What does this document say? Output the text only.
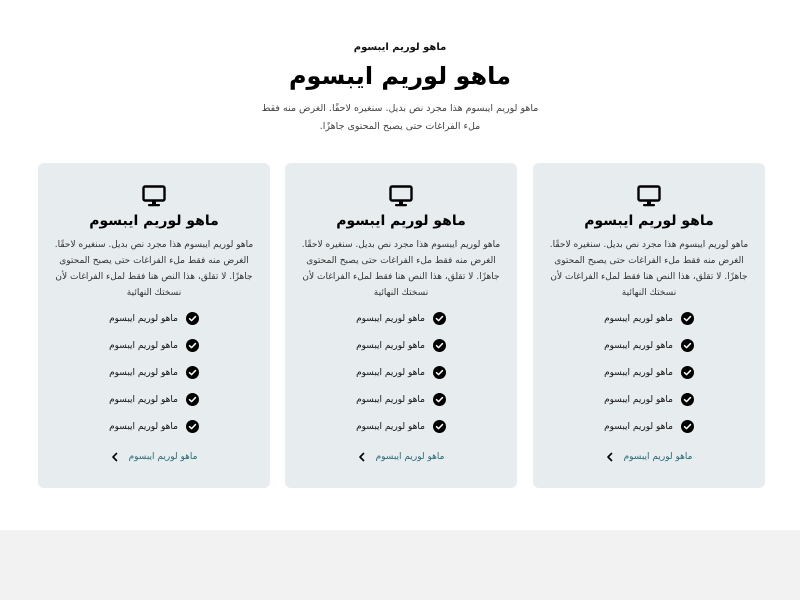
ماهو لوريم ايبسوم
ماهو لوريم ايبسوم
ماهو لوريم ايبسوم هذا مجرد نص بديل. سنغيره لاحقًا. الغرض منه فقط ملء الفراغات حتى يصبح المحتوى جاهزًا.
ماهو لوريم ايبسوم
ماهو لوريم ايبسوم هذا مجرد نص بديل. سنغيره لاحقًا. الغرض منه فقط ملء الفراغات حتى يصبح المحتوى جاهزًا. لا تقلق، هذا النص هنا فقط لملء الفراغات لأن نسختك النهائية
ماهو لوريم ايبسوم
ماهو لوريم ايبسوم
ماهو لوريم ايبسوم
ماهو لوريم ايبسوم
ماهو لوريم ايبسوم
ماهو لوريم ايبسوم
ماهو لوريم ايبسوم
ماهو لوريم ايبسوم هذا مجرد نص بديل. سنغيره لاحقًا. الغرض منه فقط ملء الفراغات حتى يصبح المحتوى جاهزًا. لا تقلق، هذا النص هنا فقط لملء الفراغات لأن نسختك النهائية
ماهو لوريم ايبسوم
ماهو لوريم ايبسوم
ماهو لوريم ايبسوم
ماهو لوريم ايبسوم
ماهو لوريم ايبسوم
ماهو لوريم ايبسوم
ماهو لوريم ايبسوم
ماهو لوريم ايبسوم هذا مجرد نص بديل. سنغيره لاحقًا. الغرض منه فقط ملء الفراغات حتى يصبح المحتوى جاهزًا. لا تقلق، هذا النص هنا فقط لملء الفراغات لأن نسختك النهائية
ماهو لوريم ايبسوم
ماهو لوريم ايبسوم
ماهو لوريم ايبسوم
ماهو لوريم ايبسوم
ماهو لوريم ايبسوم
ماهو لوريم ايبسوم
